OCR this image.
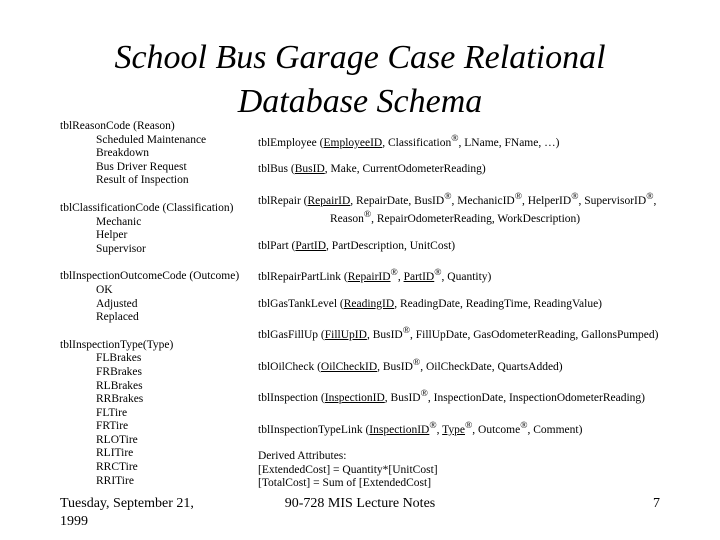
School Bus Garage Case Relational
Database Schema
tblReasonCode (Reason)
Scheduled Maintenance
Breakdown
Bus Driver Request
Result of Inspection
tblClassificationCode (Classification)
Mechanic
Helper
Supervisor
tblInspectionOutcomeCode (Outcome)
OK
Adjusted
Replaced
tblInspectionType(Type)
FLBrakes
FRBrakes
RLBrakes
RRBrakes
FLTire
FRTire
RLOTire
RLITire
RRCTire
RRITire
tblEmployee (EmployeeID, Classification®, LName, FName, …)
tblBus (BusID, Make, CurrentOdometerReading)
tblRepair (RepairID, RepairDate, BusID®, MechanicID®, HelperID®, SupervisorID®,
Reason®, RepairOdometerReading, WorkDescription)
tblPart (PartID, PartDescription, UnitCost)
tblRepairPartLink (RepairID®, PartID®, Quantity)
tblGasTankLevel (ReadingID, ReadingDate, ReadingTime, ReadingValue)
tblGasFillUp (FillUpID, BusID®, FillUpDate, GasOdometerReading, GallonsPumped)
tblOilCheck (OilCheckID, BusID®, OilCheckDate, QuartsAdded)
tblInspection (InspectionID, BusID®, InspectionDate, InspectionOdometerReading)
tblInspectionTypeLink (InspectionID®, Type®, Outcome®, Comment)
Derived Attributes:
[ExtendedCost] = Quantity*[UnitCost]
[TotalCost] = Sum of [ExtendedCost]
Tuesday, September 21, 1999
90-728 MIS Lecture Notes	7
